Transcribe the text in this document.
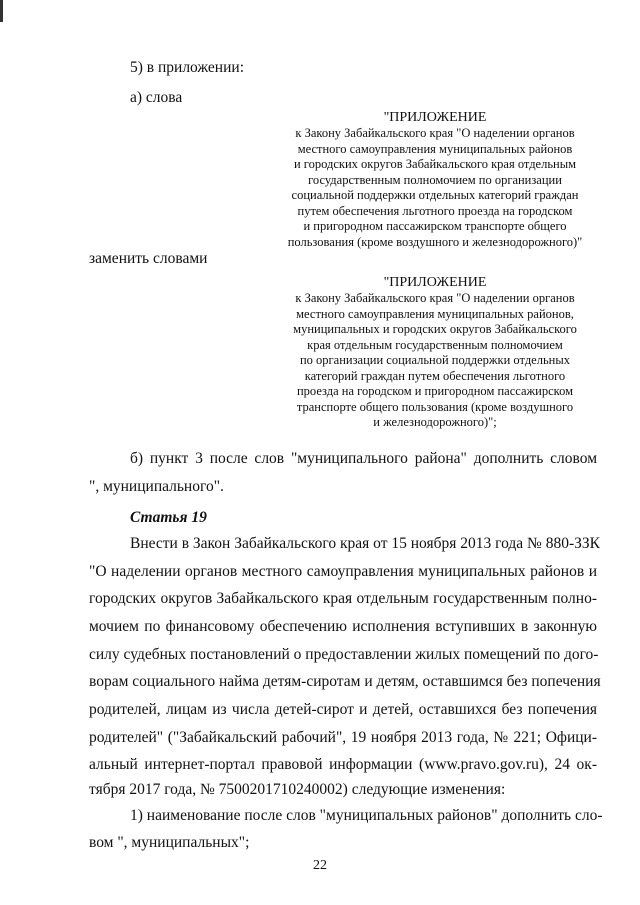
5) в приложении:
а) слова
"ПРИЛОЖЕНИЕ
к Закону Забайкальского края "О наделении органов
местного самоуправления муниципальных районов
и городских округов Забайкальского края отдельным
государственным полномочием по организации
социальной поддержки отдельных категорий граждан
путем обеспечения льготного проезда на городском
и пригородном пассажирском транспорте общего
пользования (кроме воздушного и железнодорожного)"
заменить словами
"ПРИЛОЖЕНИЕ
к Закону Забайкальского края "О наделении органов
местного самоуправления муниципальных районов,
муниципальных и городских округов Забайкальского
края отдельным государственным полномочием
по организации социальной поддержки отдельных
категорий граждан путем обеспечения льготного
проезда на городском и пригородном пассажирском
транспорте общего пользования (кроме воздушного
и железнодорожного)";
б) пункт 3 после слов "муниципального района" дополнить словом
", муниципального".
Статья 19
Внести в Закон Забайкальского края от 15 ноября 2013 года № 880-ЗЗК
"О наделении органов местного самоуправления муниципальных районов и
городских округов Забайкальского края отдельным государственным полно-
мочием по финансовому обеспечению исполнения вступивших в законную
силу судебных постановлений о предоставлении жилых помещений по дого-
ворам социального найма детям-сиротам и детям, оставшимся без попечения
родителей, лицам из числа детей-сирот и детей, оставшихся без попечения
родителей" ("Забайкальский рабочий", 19 ноября 2013 года, № 221; Офици-
альный интернет-портал правовой информации (www.pravo.gov.ru), 24 ок-
тября 2017 года, № 7500201710240002) следующие изменения:
1) наименование после слов "муниципальных районов" дополнить сло-
вом ", муниципальных";
22
